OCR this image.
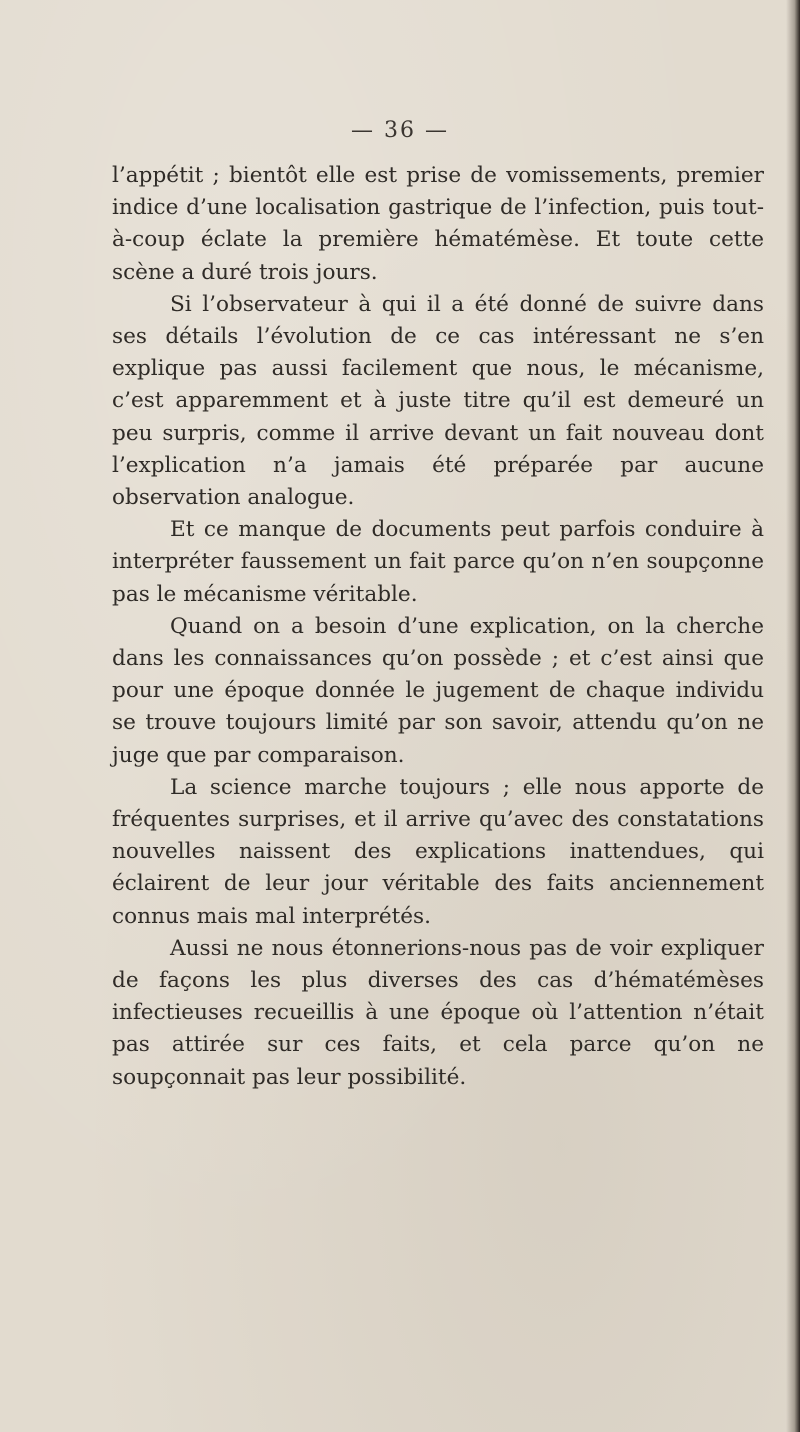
— 36 —

l’appétit ; bientôt elle est prise de vomissements, premier indice d’une localisation gastrique de l’infection, puis tout-à-coup éclate la première hématémèse. Et toute cette scène a duré trois jours.

Si l’observateur à qui il a été donné de suivre dans ses détails l’évolution de ce cas intéressant ne s’en explique pas aussi facilement que nous, le mécanisme, c’est apparemment et à juste titre qu’il est demeuré un peu surpris, comme il arrive devant un fait nouveau dont l’explication n’a jamais été préparée par aucune observation analogue.

Et ce manque de documents peut parfois conduire à interpréter faussement un fait parce qu’on n’en soupçonne pas le mécanisme véritable.

Quand on a besoin d’une explication, on la cherche dans les connaissances qu’on possède ; et c’est ainsi que pour une époque donnée le jugement de chaque individu se trouve toujours limité par son savoir, attendu qu’on ne juge que par comparaison.

La science marche toujours ; elle nous apporte de fréquentes surprises, et il arrive qu’avec des constatations nouvelles naissent des explications inattendues, qui éclairent de leur jour véritable des faits anciennement connus mais mal interprétés.

Aussi ne nous étonnerions-nous pas de voir expliquer de façons les plus diverses des cas d’hématémèses infectieuses recueillis à une époque où l’attention n’était pas attirée sur ces faits, et cela parce qu’on ne soupçonnait pas leur possibilité.
